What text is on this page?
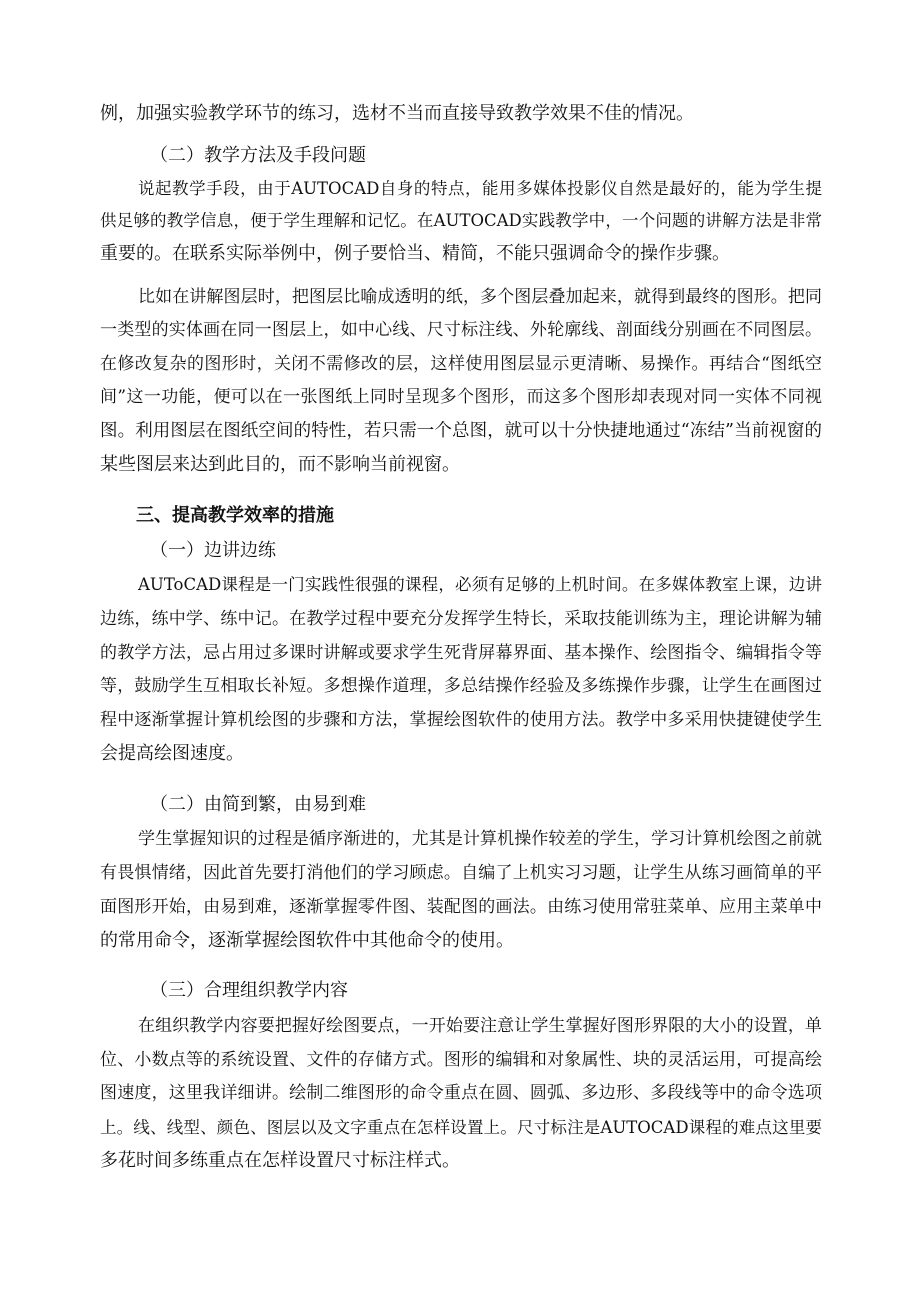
例，加强实验教学环节的练习，选材不当而直接导致教学效果不佳的情况。
（二）教学方法及手段问题
说起教学手段，由于AUTOCAD自身的特点，能用多媒体投影仪自然是最好的，能为学生提
供足够的教学信息，便于学生理解和记忆。在AUTOCAD实践教学中，一个问题的讲解方法是非常
重要的。在联系实际举例中，例子要恰当、精简，不能只强调命令的操作步骤。
比如在讲解图层时，把图层比喻成透明的纸，多个图层叠加起来，就得到最终的图形。把同
一类型的实体画在同一图层上，如中心线、尺寸标注线、外轮廓线、剖面线分别画在不同图层。
在修改复杂的图形时，关闭不需修改的层，这样使用图层显示更清晰、易操作。再结合“图纸空
间”这一功能，便可以在一张图纸上同时呈现多个图形，而这多个图形却表现对同一实体不同视
图。利用图层在图纸空间的特性，若只需一个总图，就可以十分快捷地通过“冻结”当前视窗的
某些图层来达到此目的，而不影响当前视窗。
三、提高教学效率的措施
（一）边讲边练
AUToCAD课程是一门实践性很强的课程，必须有足够的上机时间。在多媒体教室上课，边讲
边练，练中学、练中记。在教学过程中要充分发挥学生特长，采取技能训练为主，理论讲解为辅
的教学方法，忌占用过多课时讲解或要求学生死背屏幕界面、基本操作、绘图指令、编辑指令等
等，鼓励学生互相取长补短。多想操作道理，多总结操作经验及多练操作步骤，让学生在画图过
程中逐渐掌握计算机绘图的步骤和方法，掌握绘图软件的使用方法。教学中多采用快捷键使学生
会提高绘图速度。
（二）由简到繁，由易到难
学生掌握知识的过程是循序渐进的，尤其是计算机操作较差的学生，学习计算机绘图之前就
有畏惧情绪，因此首先要打消他们的学习顾虑。自编了上机实习习题，让学生从练习画简单的平
面图形开始，由易到难，逐渐掌握零件图、装配图的画法。由练习使用常驻菜单、应用主菜单中
的常用命令，逐渐掌握绘图软件中其他命令的使用。
（三）合理组织教学内容
在组织教学内容要把握好绘图要点，一开始要注意让学生掌握好图形界限的大小的设置，单
位、小数点等的系统设置、文件的存储方式。图形的编辑和对象属性、块的灵活运用，可提高绘
图速度，这里我详细讲。绘制二维图形的命令重点在圆、圆弧、多边形、多段线等中的命令选项
上。线、线型、颜色、图层以及文字重点在怎样设置上。尺寸标注是AUTOCAD课程的难点这里要
多花时间多练重点在怎样设置尺寸标注样式。
